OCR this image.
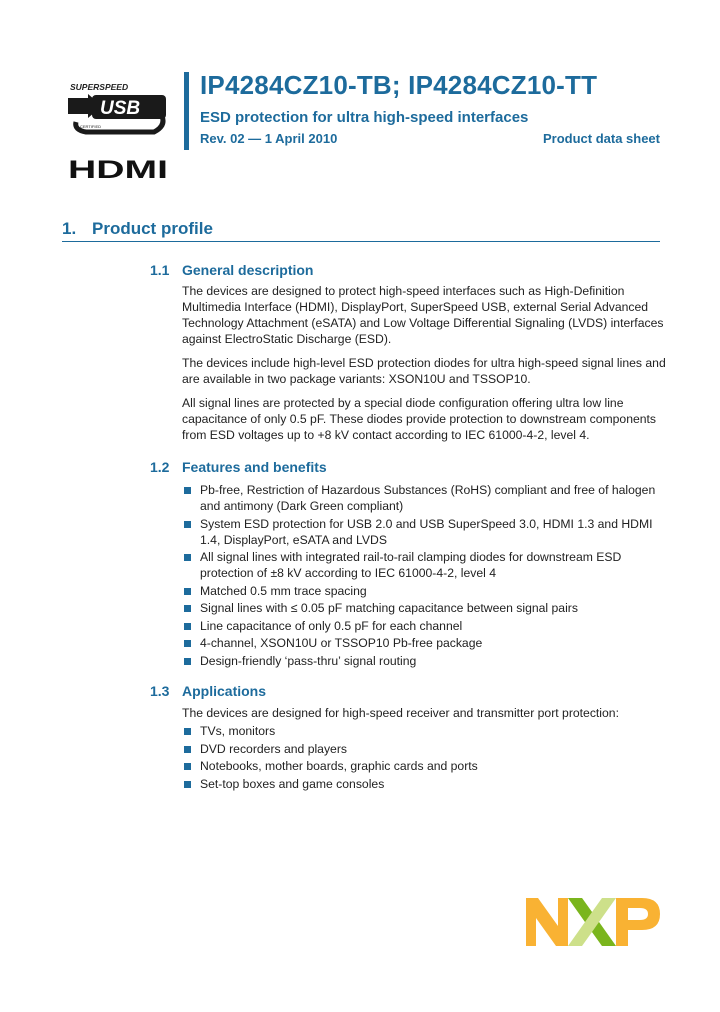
SUPERSPEED
USB
CERTIFIED
HDMI
IP4284CZ10-TB; IP4284CZ10-TT
ESD protection for ultra high-speed interfaces
Rev. 02 — 1 April 2010	Product data sheet
1. Product profile
1.1 General description
The devices are designed to protect high-speed interfaces such as High-Definition Multimedia Interface (HDMI), DisplayPort, SuperSpeed USB, external Serial Advanced Technology Attachment (eSATA) and Low Voltage Differential Signaling (LVDS) interfaces against ElectroStatic Discharge (ESD).
The devices include high-level ESD protection diodes for ultra high-speed signal lines and are available in two package variants: XSON10U and TSSOP10.
All signal lines are protected by a special diode configuration offering ultra low line capacitance of only 0.5 pF. These diodes provide protection to downstream components from ESD voltages up to +8 kV contact according to IEC 61000-4-2, level 4.
1.2 Features and benefits
Pb-free, Restriction of Hazardous Substances (RoHS) compliant and free of halogen and antimony (Dark Green compliant)
System ESD protection for USB 2.0 and USB SuperSpeed 3.0, HDMI 1.3 and HDMI 1.4, DisplayPort, eSATA and LVDS
All signal lines with integrated rail-to-rail clamping diodes for downstream ESD protection of ±8 kV according to IEC 61000-4-2, level 4
Matched 0.5 mm trace spacing
Signal lines with ≤ 0.05 pF matching capacitance between signal pairs
Line capacitance of only 0.5 pF for each channel
4-channel, XSON10U or TSSOP10 Pb-free package
Design-friendly ‘pass-thru’ signal routing
1.3 Applications
The devices are designed for high-speed receiver and transmitter port protection:
TVs, monitors
DVD recorders and players
Notebooks, mother boards, graphic cards and ports
Set-top boxes and game consoles
